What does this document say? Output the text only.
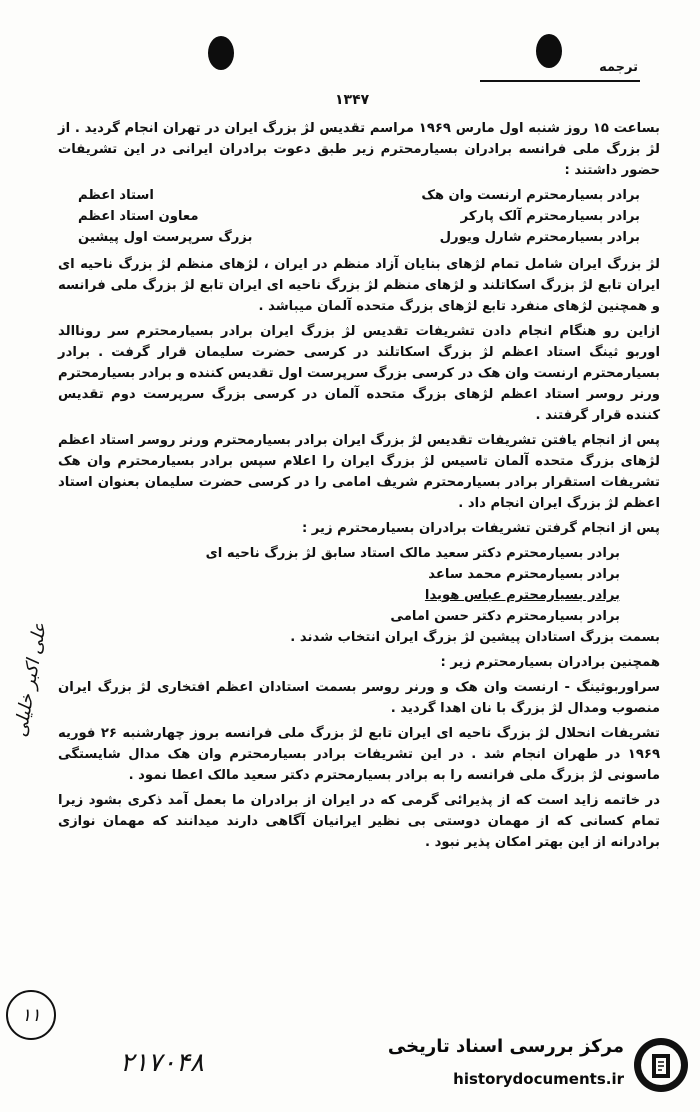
ترجمه
۱۳۴۷

بساعت ۱۵ روز شنبه اول مارس ۱۹۶۹ مراسم تقدیس لژ بزرگ ایران در تهران انجام گردید . از لژ بزرگ ملی فرانسه برادران بسیارمحترم زیر طبق دعوت برادران ایرانی در این تشریفات حضور داشتند :

برادر بسیارمحترم ارنست وان هک
استاد اعظم
برادر بسیارمحترم آلک پارکر
معاون استاد اعظم
برادر بسیارمحترم شارل ویورل
بزرگ سرپرست اول پیشین

لژ بزرگ ایران شامل تمام لژهای بنایان آزاد منظم در ایران ، لژهای منظم لژ بزرگ ناحیه ای ایران تابع لژ بزرگ اسکاتلند و لژهای منظم لژ بزرگ ناحیه ای ایران تابع لژ بزرگ ملی فرانسه و همچنین لژهای منفرد تابع لژهای بزرگ متحده آلمان میباشد .

ازاین رو هنگام انجام دادن تشریفات تقدیس لژ بزرگ ایران برادر بسیارمحترم سر روناالد اوربو ثینگ استاد اعظم لژ بزرگ اسکاتلند در کرسی حضرت سلیمان قرار گرفت . برادر بسیارمحترم ارنست وان هک در کرسی بزرگ سرپرست اول تقدیس کننده و برادر بسیارمحترم ورنر روسر استاد اعظم لژهای بزرگ متحده آلمان در کرسی بزرگ سرپرست دوم تقدیس کننده قرار گرفتند .

پس از انجام یافتن تشریفات تقدیس لژ بزرگ ایران برادر بسیارمحترم ورنر روسر استاد اعظم لژهای بزرگ متحده آلمان تاسیس لژ بزرگ ایران را اعلام سپس برادر بسیارمحترم وان هک تشریفات استقرار برادر بسیارمحترم شریف امامی را در کرسی حضرت سلیمان بعنوان استاد اعظم لژ بزرگ ایران انجام داد .

پس از انجام گرفتن تشریفات برادران بسیارمحترم زیر :

برادر بسیارمحترم دکتر سعید مالک استاد سابق لژ بزرگ ناحیه ای

برادر بسیارمحترم محمد ساعد

برادر بسیارمحترم عباس هویدا

برادر بسیارمحترم دکتر حسن امامی

بسمت بزرگ استادان پیشین لژ بزرگ ایران انتخاب شدند .

همچنین برادران بسیارمحترم زیر :

سراوربوثینگ - ارنست وان هک و ورنر روسر بسمت استادان اعظم افتخاری لژ بزرگ ایران منصوب ومدال لژ بزرگ با نان اهدا گردید .

تشریفات انحلال لژ بزرگ ناحیه ای ایران تابع لژ بزرگ ملی فرانسه بروز چهارشنبه ۲۶ فوریه ۱۹۶۹ در طهران انجام شد . در این تشریفات برادر بسیارمحترم وان هک مدال شایستگی ماسونی لژ بزرگ ملی فرانسه را به برادر بسیارمحترم دکتر سعید مالک اعطا نمود .

در خاتمه زاید است که از پذیرائی گرمی که در ایران از برادران ما بعمل آمد ذکری بشود زیرا تمام کسانی که از مهمان دوستی بی نظیر ایرانیان آگاهی دارند میدانند که مهمان نوازی برادرانه از این بهتر امکان پذیر نبود .

علی اکبر خلیلی
۱۱
۲۱۷۰۴۸
مرکز بررسی اسناد تاریخی
historydocuments.ir
